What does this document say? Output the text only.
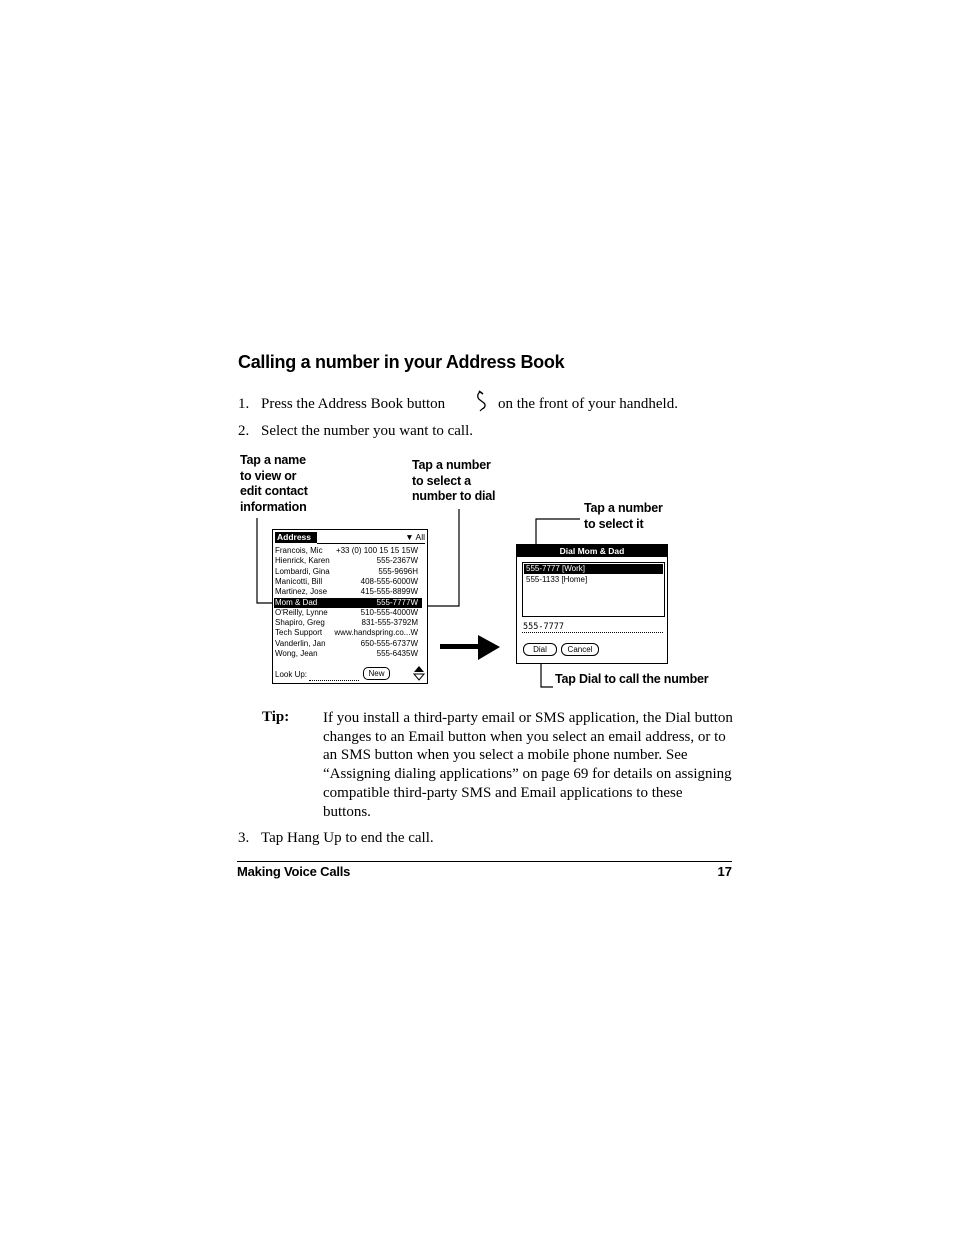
Calling a number in your Address Book
1. Press the Address Book button	on the front of your handheld.
2. Select the number you want to call.
Tap a name
to view or
edit contact
information
Tap a number
to select a
number to dial
Tap a number
to select it
Tap Dial to call the number
Address	▼ All
Francois, Mic +33 (0) 100 15 15 15W
Hienrick, Karen	555-2367W
Lombardi, Gina	555-9696H
Manicotti, Bill	408-555-6000W
Martinez, Jose	415-555-8899W
Mom & Dad	555-7777W
O'Reilly, Lynne	510-555-4000W
Shapiro, Greg	831-555-3792M
Tech Support www.handspring.co...W
Vanderlin, Jan	650-555-6737W
Wong, Jean	555-6435W
Look Up:	New
Dial Mom & Dad
555-7777 [Work]
555-1133 [Home]
555-7777
Dial	Cancel
Tip: If you install a third-party email or SMS application, the Dial button changes to an Email button when you select an email address, or to an SMS button when you select a mobile phone number. See “Assigning dialing applications” on page 69 for details on assigning compatible third-party SMS and Email applications to these buttons.
3. Tap Hang Up to end the call.
Making Voice Calls	17
